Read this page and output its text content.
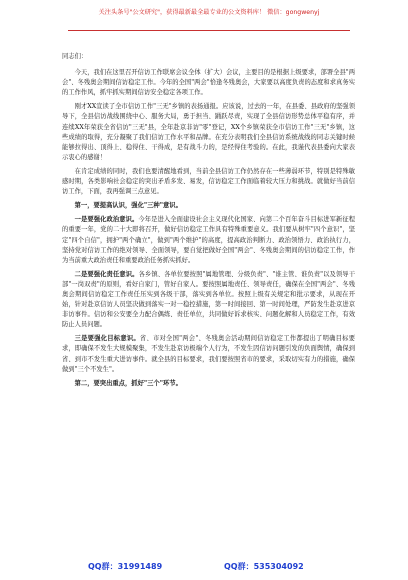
关注头条号"公文研究"，获得最新最全最专业的公文资料库！ 微信：gongwenyj

同志们：

今天，我们在这里召开信访工作联席会议全体（扩大）会议，主要目的是根据上级要求，部署全县"两会"、冬残奥会期间信访稳定工作。今年的全国"两会"恰逢冬残奥会，大家要以高度负责的态度和求真务实的工作作风，抓牢抓实期间信访安全稳定各项工作。

刚才XX宣读了全市信访工作"三无"乡镇的表扬通报。应该说，过去的一年，在县委、县政府的坚强领导下，全县信访战线围绕中心、服务大局，勇于担当、踊跃尽责，实现了全县信访形势总体平稳有序，并连续XX年荣获全省信访"三无"县，全年赴京非访"零"登记，XX个乡镇荣获全市信访工作"三无"乡镇，这些成绩的取得，充分凝聚了我们信访工作水平和品牌。在充分表明我们全县信访系统战线的同志关键时候能够拉得出、顶得上、稳得住、干得成，是有战斗力的，是经得住考验的。在此，我谨代表县委向大家表示衷心的感谢！

在肯定成绩的同时，我们也要清醒地看到，当前全县信访工作仍然存在一些薄弱环节，特别是特殊敏感时期，各类影响社会稳定的突出矛盾多发、易发，信访稳定工作面临着较大压力和挑战。就做好当前信访工作，下面，我再强调三点意见。

第一，要提高认识，强化"三种"意识。

一是要强化政治意识。今年是进入全面建设社会主义现代化国家、向第二个百年奋斗目标进军新征程的重要一年，党的二十大即将召开，做好信访稳定工作具有特殊重要意义。我们要从树牢"四个意识"，坚定"四个自信"，拥护"两个确立"，做到"两个维护"的高度，提高政治判断力、政治领悟力、政治执行力，坚持党对信访工作的绝对领导、全面领导，要自觉把做好全国"两会"、冬残奥会期间的信访稳定工作，作为当前重大政治责任和重要政治任务抓实抓好。

二是要强化责任意识。各乡镇、各单位要按照"属地管理、分级负责"、"谁主管、谁负责"以及领导干部"一岗双责"的原则，看好自家门，管好自家人。要按照属地责任、领导责任，确保在全国"两会"、冬残奥会期间信访稳定工作责任压实到各级干部，落实到各单位。按照上级有关规定和批示要求，从现在开始，针对赴京信访人员坚决做到落实一对一稳控措施，第一时间接回、第一时间处理，严防发生赴京进京非访事件。信访和公安要全力配合偶练、责任单位，共同做好诉求核实、问题化解和人员稳定工作，有效防止人员问题。

三是要强化目标意识。省、市对全国"两会"、冬残奥会活动期间信访稳定工作都提出了明确目标要求，即确保不发生大规模聚集，不发生赴京访极端个人行为，不发生因信访问题引发的负面舆情，确保到省、到市不发生重大进访事件。就全县的目标要求，我们要按照省市的要求，采取切实有力的措施，确保做到"三个不发生"。

第二，要突出重点，抓好"三个"环节。

QQ群：31991489	QQ群：535304092
